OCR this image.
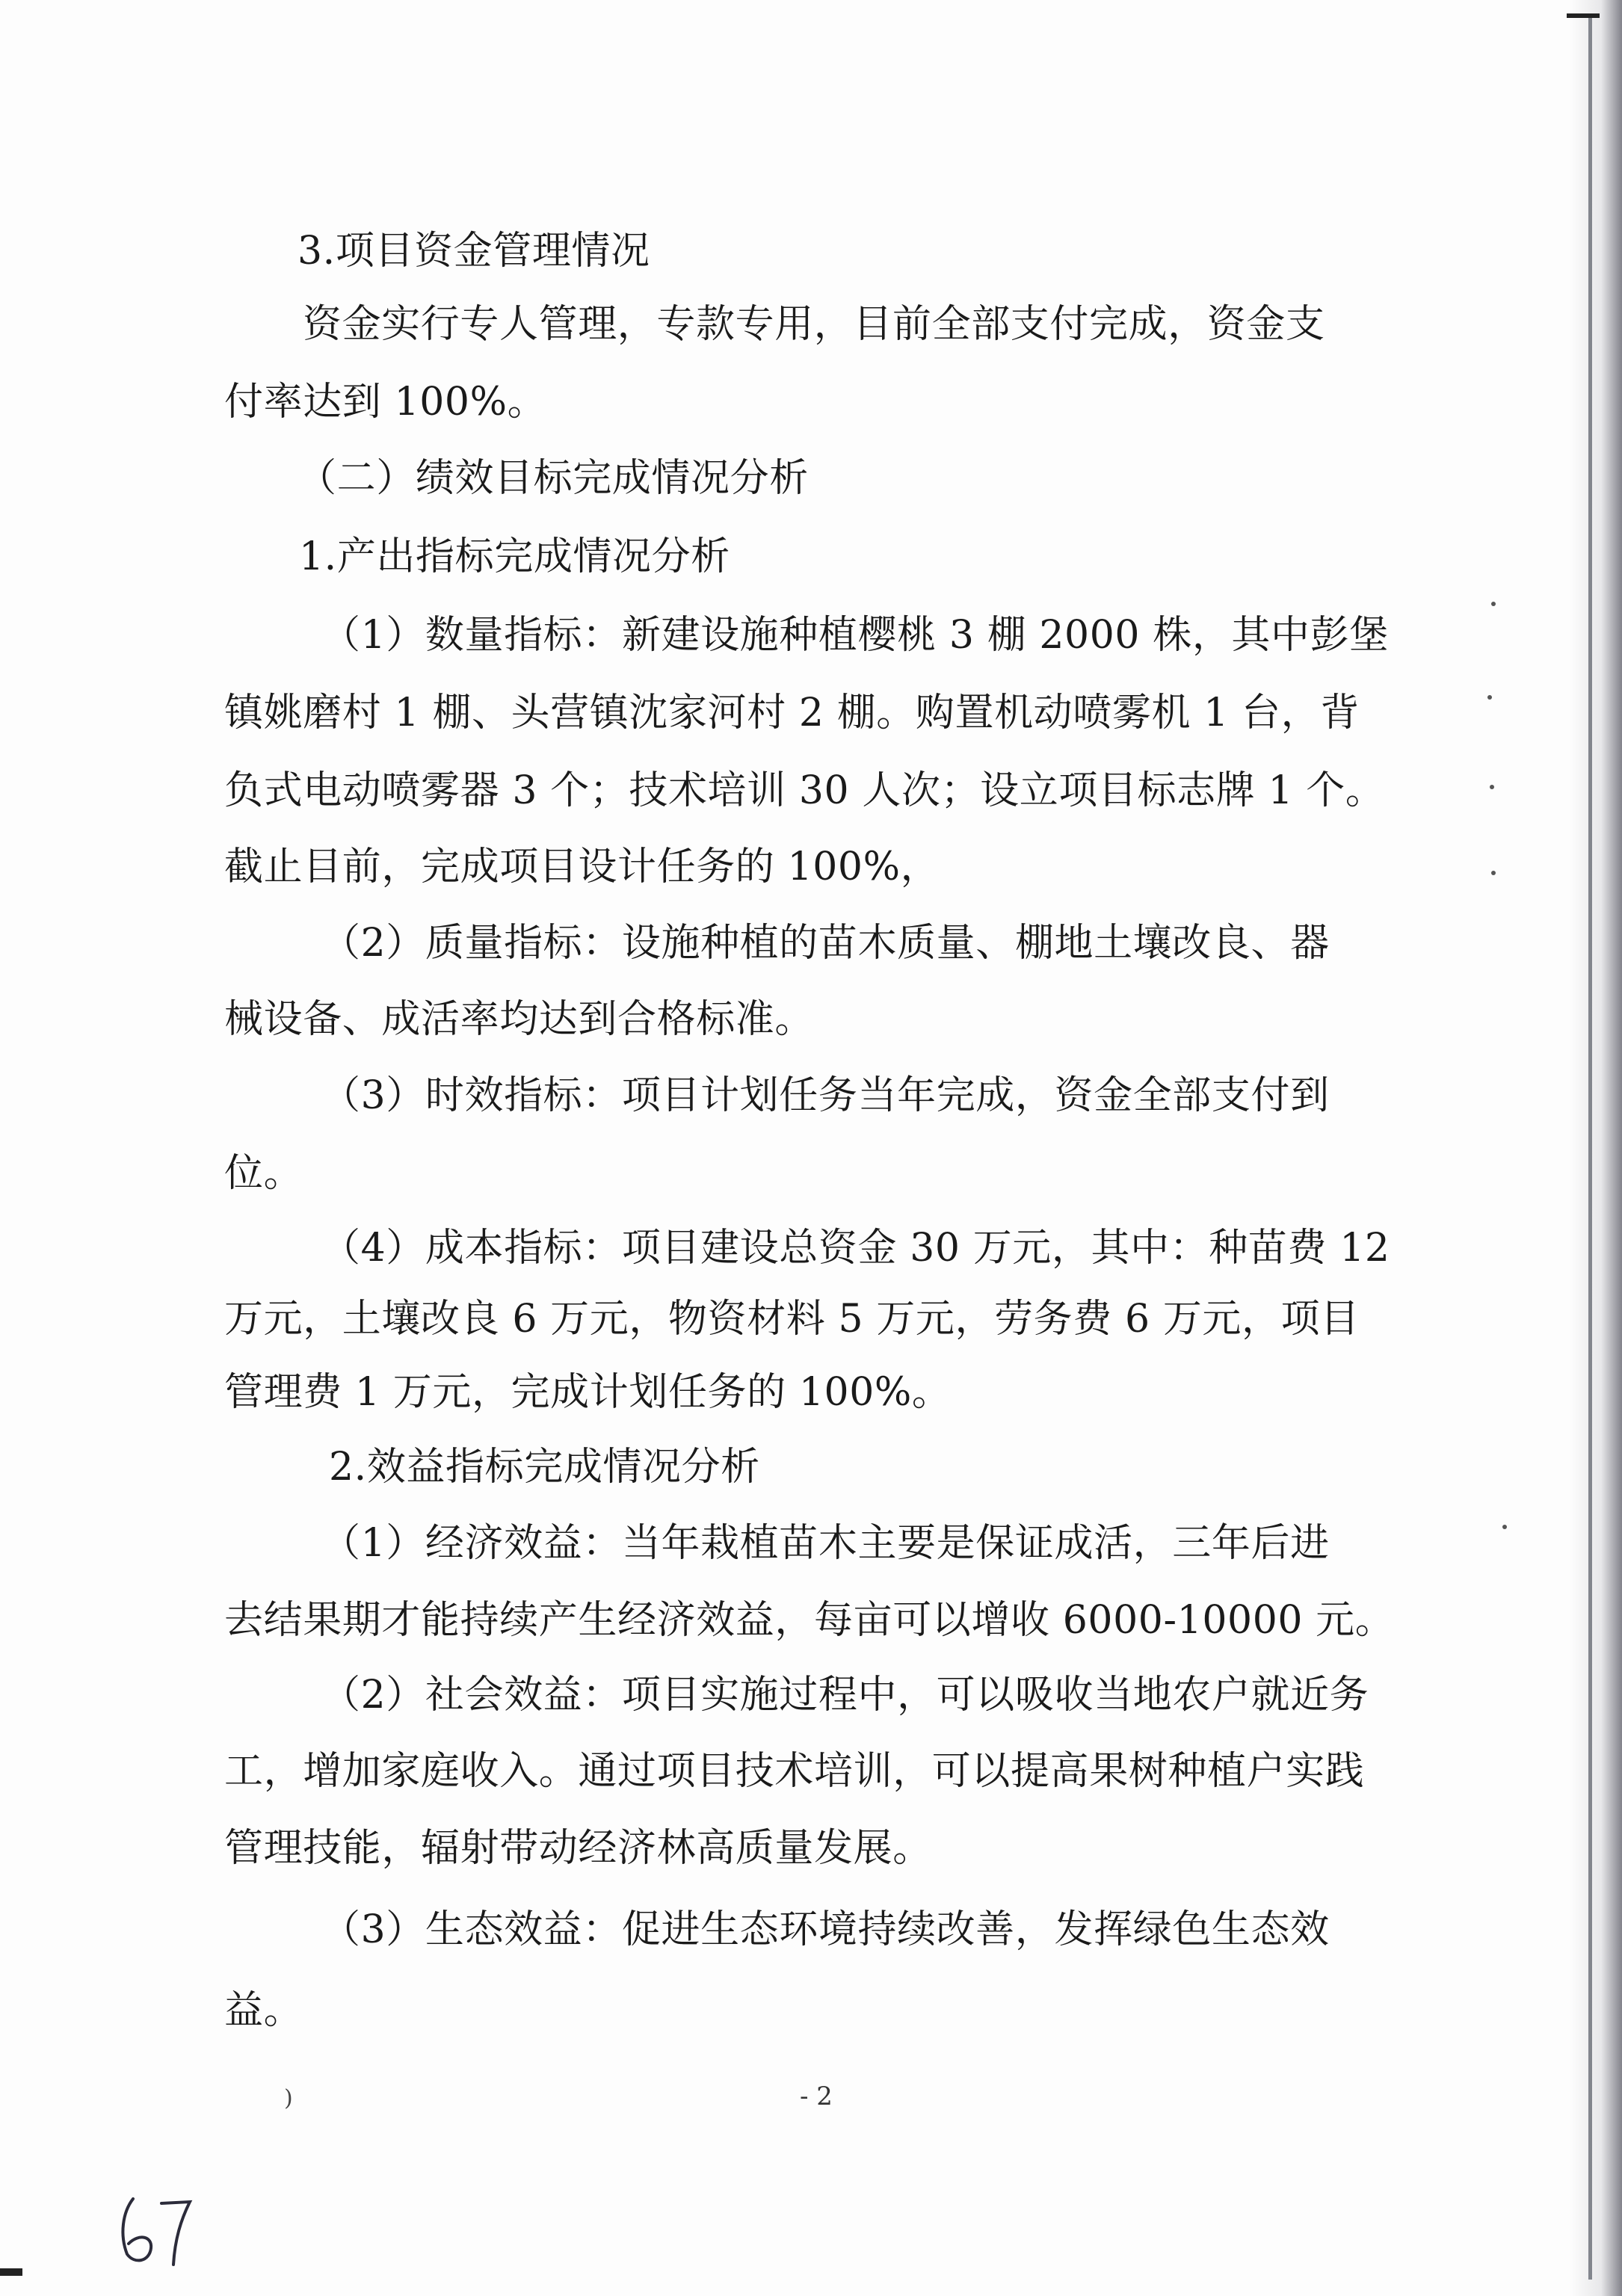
3.项目资金管理情况
资金实行专人管理，专款专用，目前全部支付完成，资金支
付率达到 100%。
（二）绩效目标完成情况分析
1.产出指标完成情况分析
（1）数量指标：新建设施种植樱桃 3 棚 2000 株，其中彭堡
镇姚磨村 1 棚、头营镇沈家河村 2 棚。购置机动喷雾机 1 台，背
负式电动喷雾器 3 个；技术培训 30 人次；设立项目标志牌 1 个。
截止目前，完成项目设计任务的 100%，
（2）质量指标：设施种植的苗木质量、棚地土壤改良、器
械设备、成活率均达到合格标准。
（3）时效指标：项目计划任务当年完成，资金全部支付到
位。
（4）成本指标：项目建设总资金 30 万元，其中：种苗费 12
万元，土壤改良 6 万元，物资材料 5 万元，劳务费 6 万元，项目
管理费 1 万元，完成计划任务的 100%。
2.效益指标完成情况分析
（1）经济效益：当年栽植苗木主要是保证成活，三年后进
去结果期才能持续产生经济效益，每亩可以增收 6000-10000 元。
（2）社会效益：项目实施过程中，可以吸收当地农户就近务
工，增加家庭收入。通过项目技术培训，可以提高果树种植户实践
管理技能，辐射带动经济林高质量发展。
（3）生态效益：促进生态环境持续改善，发挥绿色生态效
益。
)	- 2
